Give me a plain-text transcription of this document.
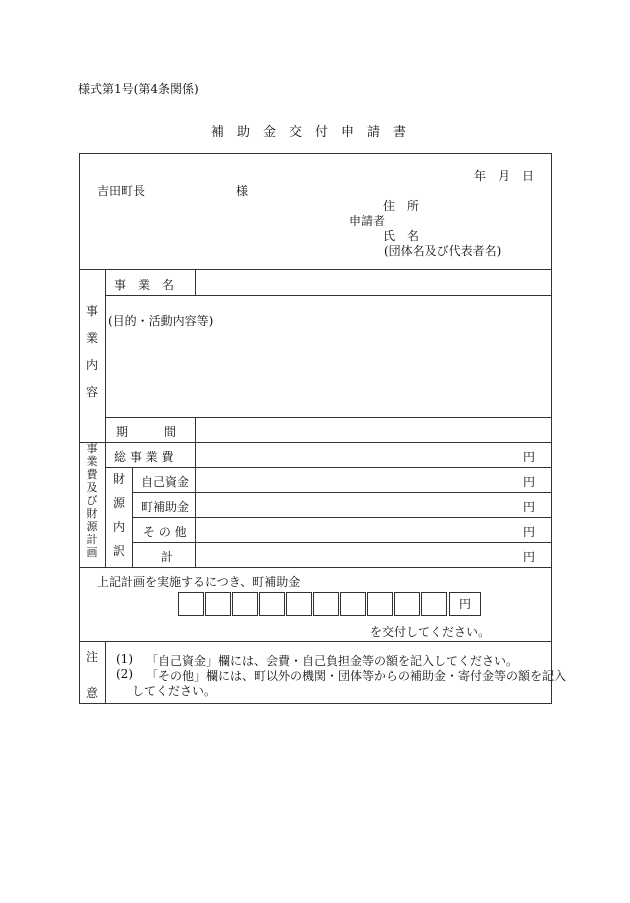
様式第1号(第4条関係)
補助金交付申請書
年　月　日
吉田町長	様
住　所
申請者
氏　名
(団体名及び代表者名)
事
業
内
容
事　業　名
(目的・活動内容等)
期　　　間
事
業
費
及
び
財
源
計
画
総 事 業 費
財
源
内
訳
自己資金
町補助金
そ の 他
計
円
円
円
円
円
上記計画を実施するにつき、町補助金
円
を交付してください。
注
意
(1) 「自己資金」欄には、会費・自己負担金等の額を記入してください。
(2) 「その他」欄には、町以外の機関・団体等からの補助金・寄付金等の額を記入
してください。
